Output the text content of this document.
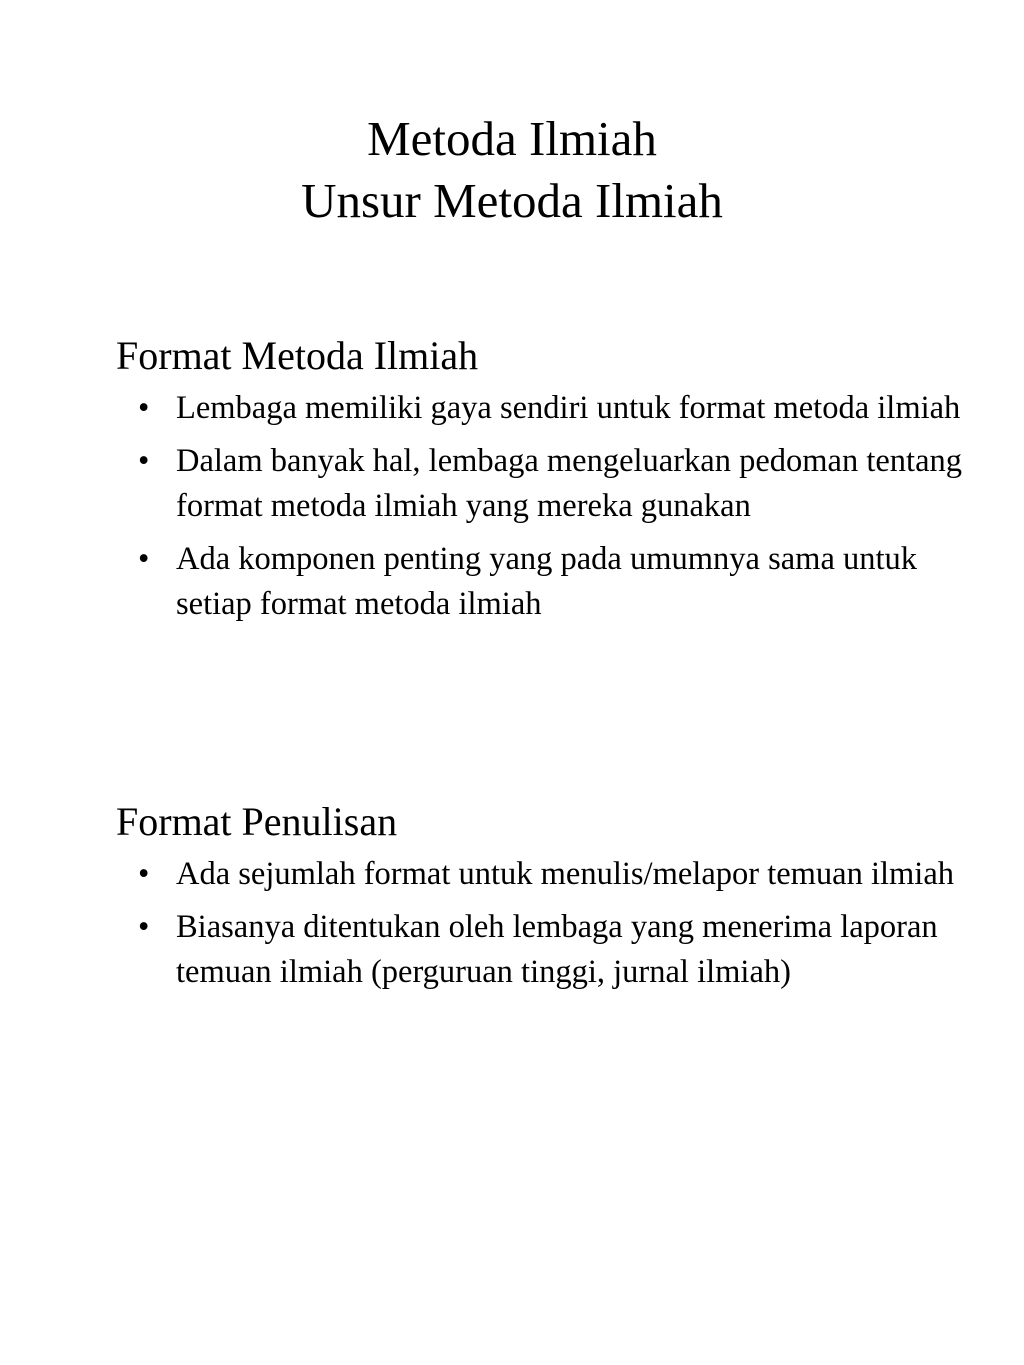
Metoda Ilmiah
Unsur Metoda Ilmiah
Format Metoda Ilmiah
• Lembaga memiliki gaya sendiri untuk format metoda ilmiah
• Dalam banyak hal, lembaga mengeluarkan pedoman tentang format metoda ilmiah yang mereka gunakan
• Ada komponen penting yang pada umumnya sama untuk setiap format metoda ilmiah
Format Penulisan
• Ada sejumlah format untuk menulis/melapor temuan ilmiah
• Biasanya ditentukan oleh lembaga yang menerima laporan temuan ilmiah (perguruan tinggi, jurnal ilmiah)
